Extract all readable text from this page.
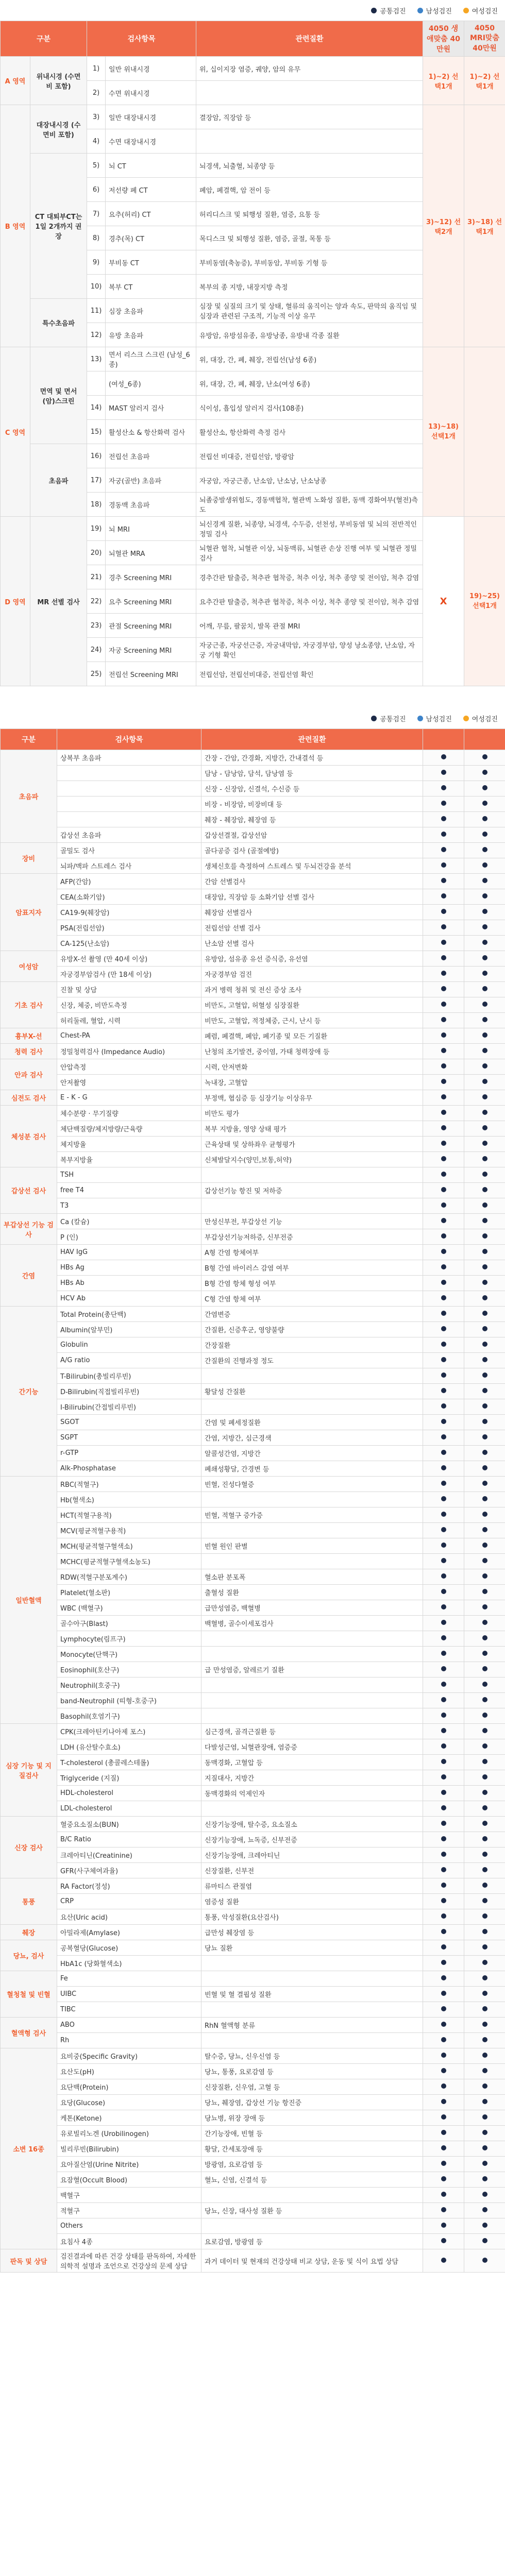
공통검진	남성검진	여성검진
구분		검사항목		관련질환	4050 생애맞춤 40만원	4050 MRI맞춤 40만원
A 영역	위내시경 (수면비 포함)	1)	일반 위내시경	위, 십이지장 염증, 궤양, 암의 유무	1)~2) 선택1개	1)~2) 선택1개
		2)	수면 위내시경			
B 영역	대장내시경 (수면비 포함)	3)	일반 대장내시경	결장암, 직장암 등	3)~12) 선택2개	3)~18) 선택1개
		4)	수면 대장내시경			
	CT 대퇴부CT는 1일 2개까지 권장	5)	뇌 CT	뇌경색, 뇌출혈, 뇌종양 등		
		6)	저선량 폐 CT	폐암, 폐결핵, 암 전이 등		
		7)	요추(허리) CT	허리디스크 및 퇴행성 질환, 염증, 요통 등		
		8)	경추(목) CT	목디스크 및 퇴행성 질환, 염증, 골절, 목통 등		
		9)	부비동 CT	부비동염(축농증), 부비동암, 부비동 기형 등		
		10)	복부 CT	복부의 종 지방, 내장지방 측정		
	특수초음파	11)	심장 초음파	심장 및 실질의 크기 및 상태, 혈류의 움직이는 양과 속도, 판막의 움직임 및 심장과 관련된 구조적, 기능적 이상 유무		
		12)	유방 초음파	유방암, 유방섬유종, 유방낭종, 유방내 각종 질환		
C 영역	면역 및 면서 (암)스크린	13)	면서 리스크 스크린 (남성_6종)	위, 대장, 간, 폐, 췌장, 전립선(남성 6종)	13)~18) 선택1개	
			(여성_6종)	위, 대장, 간, 폐, 췌장, 난소(여성 6종)		
		14)	MAST 알러지 검사	식이성, 흡입성 알러지 검사(108종)		
		15)	활성산소 & 항산화력 검사	활성산소, 항산화력 측정 검사		
	초음파	16)	전립선 초음파	전립선 비대증, 전립선암, 방광암		
		17)	자궁(골반) 초음파	자궁암, 자궁근종, 난소암, 난소낭, 난소낭종		
		18)	경동맥 초음파	뇌졸중발생위험도, 경동맥협착, 혈관벽 노화성 질환, 동맥 경화여부(혈전)측도		
D 영역	MR 선별 검사	19)	뇌 MRI	뇌신경계 질환, 뇌종양, 뇌경색, 수두증, 선천성, 부비동염 및 뇌의 전반적인 정밀 검사	X	19)~25) 선택1개
		20)	뇌혈관 MRA	뇌혈관 협착, 뇌혈관 이상, 뇌동맥류, 뇌혈관 손상 진행 여부 및 뇌혈관 정밀 검사		
		21)	경추 Screening MRI	경추간판 탈출증, 척추관 협착증, 척추 이상, 척추 종양 및 전이암, 척추 감염		
		22)	요추 Screening MRI	요추간판 탈출증, 척추관 협착증, 척추 이상, 척추 종양 및 전이암, 척추 감염		
		23)	관절 Screening MRI	어깨, 무릎, 팔꿈치, 발목 관절 MRI		
		24)	자궁 Screening MRI	자궁근종, 자궁선근증, 자궁내막암, 자궁경부암, 양성 낭소종양, 난소암, 자궁 기형 확인		
		25)	전립선 Screening MRI	전립선암, 전립선비대증, 전립선염 확인		
공통검진	남성검진	여성검진
구분	검사항목	관련질환		
초음파	상복부 초음파	간장 - 간암, 간경화, 지방간, 간내결석 등		
		담낭 - 담낭암, 담석, 담낭염 등		
		신장 - 신장암, 신결석, 수신증 등		
		비장 - 비장암, 비장비대 등		
		췌장 - 췌장암, 췌장염 등		
	갑상선 초음파	갑상선결절, 갑상선암		
장비	골밀도 검사	골다공증 검사 (골절예방)		
	뇌파/맥파 스트레스 검사	생체신호를 측정하여 스트레스 및 두뇌건강을 분석		
암표지자	AFP(간암)	간암 선별검사		
	CEA(소화기암)	대장암, 직장암 등 소화기암 선별 검사		
	CA19-9(췌장암)	췌장암 선별검사		
	PSA(전립선암)	전립선암 선별 검사		
	CA-125(난소암)	난소암 선별 검사		
여성암	유방X-선 촬영 (만 40세 이상)	유방암, 섬유종 유선 증식증, 유선염		
	자궁경부암검사 (만 18세 이상)	자궁경부암 검진		
기초 검사	진찰 및 상담	과거 병력 청취 및 전신 증상 조사		
	신장, 체중, 비만도측정	비만도, 고혈압, 허혈성 심장질환		
	허리둘레, 혈압, 시력	비만도, 고혈압, 적정체중, 근시, 난시 등		
흉부X-선	Chest-PA	폐렴, 폐결핵, 폐암, 폐기종 및 모든 기질환		
청력 검사	정밀청력검사 (Impedance Audio)	난청의 조기발견, 중이염, 가태 청력장애 등		
안과 검사	안압측정	시력, 안저변화		
	안저촬영	녹내장, 고혈압		
심전도 검사	E - K - G	부정맥, 협심증 등 심장기능 이상유무		
체성분 검사	체수분량 · 무기질량	비만도 평가		
	체단백질량/체지방량/근육량	복부 지방율, 영양 상태 평가		
	체지방율	근육상태 및 상하좌우 균형평가		
	복부지방율	신체발달지수(양민,보통,허약)		
갑상선 검사	TSH			
	free T4	갑상선기능 항진 및 저하증		
	T3			
부갑상선 기능 검사	Ca (칼슘)	만성신부전, 부갑상선 기능		
	P (인)	부갑상선기능저하증, 신부전증		
간염	HAV IgG	A형 간염 항체여부		
	HBs Ag	B형 간염 바이러스 감염 여부		
	HBs Ab	B형 간염 항체 형성 여부		
	HCV Ab	C형 간염 항체 여부		
간기능	Total Protein(총단백)	간염변증		
	Albumin(알부민)	간질환, 신증후군, 영양불량		
	Globulin	간장질환		
	A/G ratio	간질환의 진행과정 정도		
	T-Bilirubin(총빌리루빈)			
	D-Bilirubin(직접빌리루빈)	황달성 간질환		
	I-Bilirubin(간접빌리루빈)			
	SGOT	간염 및 폐세정질환		
	SGPT	간염, 지방간, 심근경색		
	r-GTP	알콜성간염, 지방간		
	Alk-Phosphatase	폐쇄성황달, 간경변 등		
일반혈액	RBC(적혈구)	빈혈, 진성다혈증		
	Hb(혈색소)			
	HCT(적혈구용적)	빈혈, 적혈구 증가증		
	MCV(평균적혈구용적)			
	MCH(평균적혈구혈색소)	빈혈 원인 판별		
	MCHC(평균적혈구혈색소농도)			
	RDW(적혈구분포계수)	혈소판 분포폭		
	Platelet(혈소판)	출혈성 질환		
	WBC (백혈구)	급만성염증, 백혈병		
	골수아구(Blast)	백혈병, 골수이세포검사		
	Lymphocyte(림프구)			
	Monocyte(단핵구)			
	Eosinophil(호산구)	급 만성염증, 알레르기 질환		
	Neutrophil(호중구)			
	band-Neutrophil (띠형-호중구)			
	Basophil(호염기구)			
심장 기능 및 지질검사	CPK(크레아틴키나아제 포스)	심근경색, 골격근질환 등		
	LDH (유산탈수효소)	다발성근염, 뇌혈관장애, 염증증		
	T-cholesterol (총콜레스테롤)	동맥경화, 고혈압 등		
	Triglyceride (지질)	지질대사, 지방간		
	HDL-cholesterol	동맥경화의 억제인자		
	LDL-cholesterol			
신장 검사	혈중요소질소(BUN)	신장기능장애, 탈수증, 요소질소		
	B/C Ratio	신장기능장애, 뇨독증, 신부전증		
	크레아티닌(Creatinine)	신장기능장애, 크레아티닌		
	GFR(사구체여과율)	신장질환, 신부전		
통풍	RA Factor(정성)	류마티스 관절염		
	CRP	염증성 질환		
	요산(Uric acid)	통풍, 악성질환(요산검사)		
췌장	아밀라제(Amylase)	급만성 췌장염 등		
당뇨, 검사	공복혈당(Glucose)	당뇨 질환		
	HbA1c (당화혈색소)			
혈청철 및 빈혈	Fe			
	UIBC	빈혈 및 혈 결핍성 질환		
	TIBC			
혈액형 검사	ABO	RhN 혈액형 분류		
	Rh			
소변 16종	요비중(Specific Gravity)	탈수증, 당뇨, 신우신염 등		
	요산도(pH)	당뇨, 통풍, 요로감염 등		
	요단백(Protein)	신장질환, 신우염, 고혈 등		
	요당(Glucose)	당뇨, 췌장염, 갑상선 기능 항진증		
	케톤(Ketone)	당뇨병, 위장 장애 등		
	유로빌리노겐 (Urobilinogen)	간기능장애, 빈혈 등		
	빌리루빈(Bilirubin)	황달, 간세포장애 등		
	요아질산염(Urine Nitrite)	방광염, 요로감염 등		
	요잠혈(Occult Blood)	혈뇨, 신염, 신결석 등		
	백혈구			
	적혈구	당뇨, 신장, 대사성 질환 등		
	Others			
	요침사 4종	요로감염, 방광염 등		
판독 및 상담	검진결과에 따른 건강 상태를 판독하여, 자세한 의학적 설명과 조언으로 건강상의 문제 상담	과거 데이터 및 현재의 건강상태 비교 상담, 운동 및 식이 요법 상담		
